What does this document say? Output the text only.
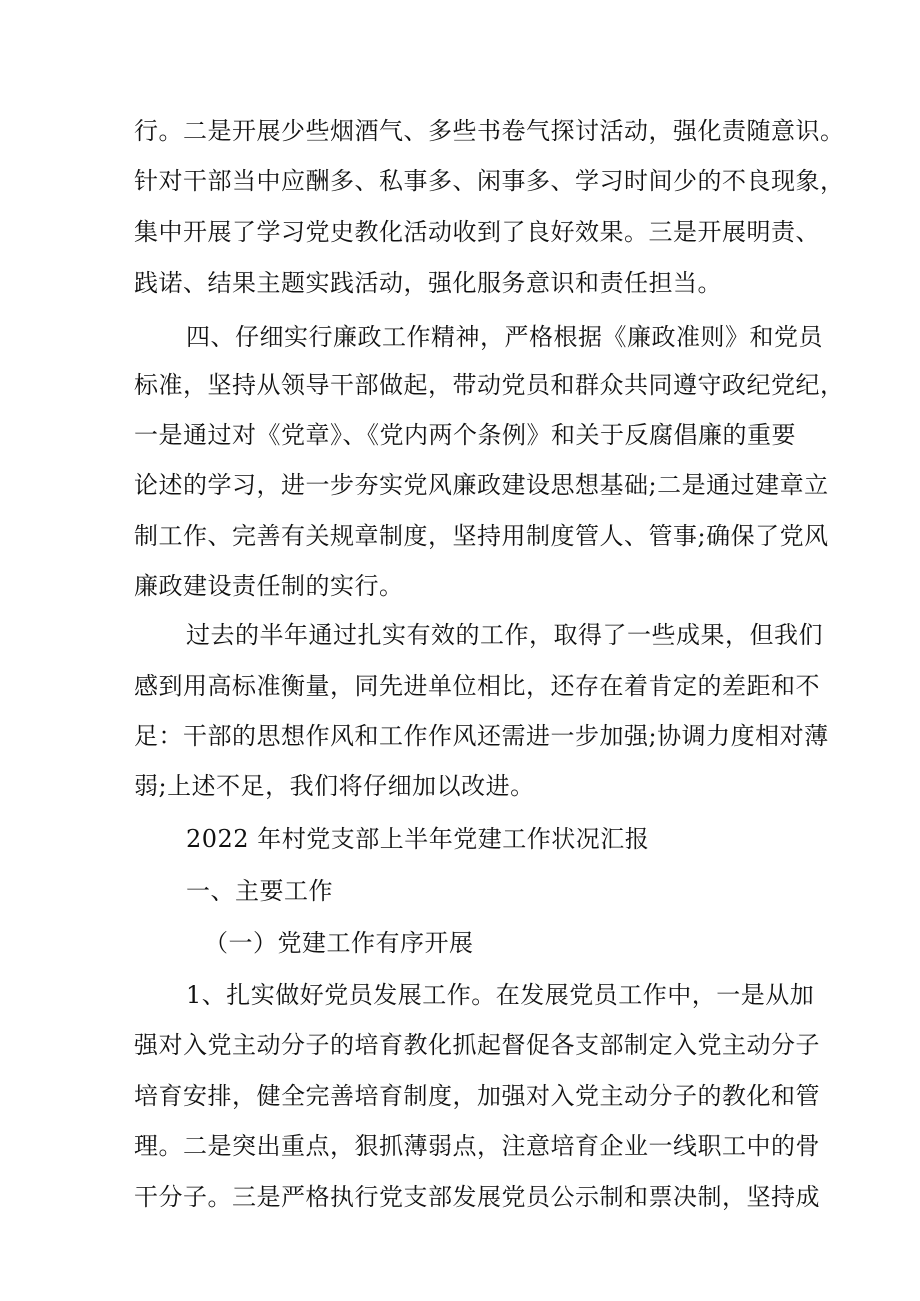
行。二是开展少些烟酒气、多些书卷气探讨活动，强化责随意识。
针对干部当中应酬多、私事多、闲事多、学习时间少的不良现象，
集中开展了学习党史教化活动收到了良好效果。三是开展明责、
践诺、结果主题实践活动，强化服务意识和责任担当。
四、仔细实行廉政工作精神，严格根据《廉政准则》和党员
标准，坚持从领导干部做起，带动党员和群众共同遵守政纪党纪，
一是通过对《党章》、《党内两个条例》和关于反腐倡廉的重要
论述的学习，进一步夯实党风廉政建设思想基础;二是通过建章立
制工作、完善有关规章制度，坚持用制度管人、管事;确保了党风
廉政建设责任制的实行。
过去的半年通过扎实有效的工作，取得了一些成果，但我们
感到用高标准衡量，同先进单位相比，还存在着肯定的差距和不
足：干部的思想作风和工作作风还需进一步加强;协调力度相对薄
弱;上述不足，我们将仔细加以改进。
2022 年村党支部上半年党建工作状况汇报
一、主要工作
（一）党建工作有序开展
1、扎实做好党员发展工作。在发展党员工作中，一是从加
强对入党主动分子的培育教化抓起督促各支部制定入党主动分子
培育安排，健全完善培育制度，加强对入党主动分子的教化和管
理。二是突出重点，狠抓薄弱点，注意培育企业一线职工中的骨
干分子。三是严格执行党支部发展党员公示制和票决制，坚持成
